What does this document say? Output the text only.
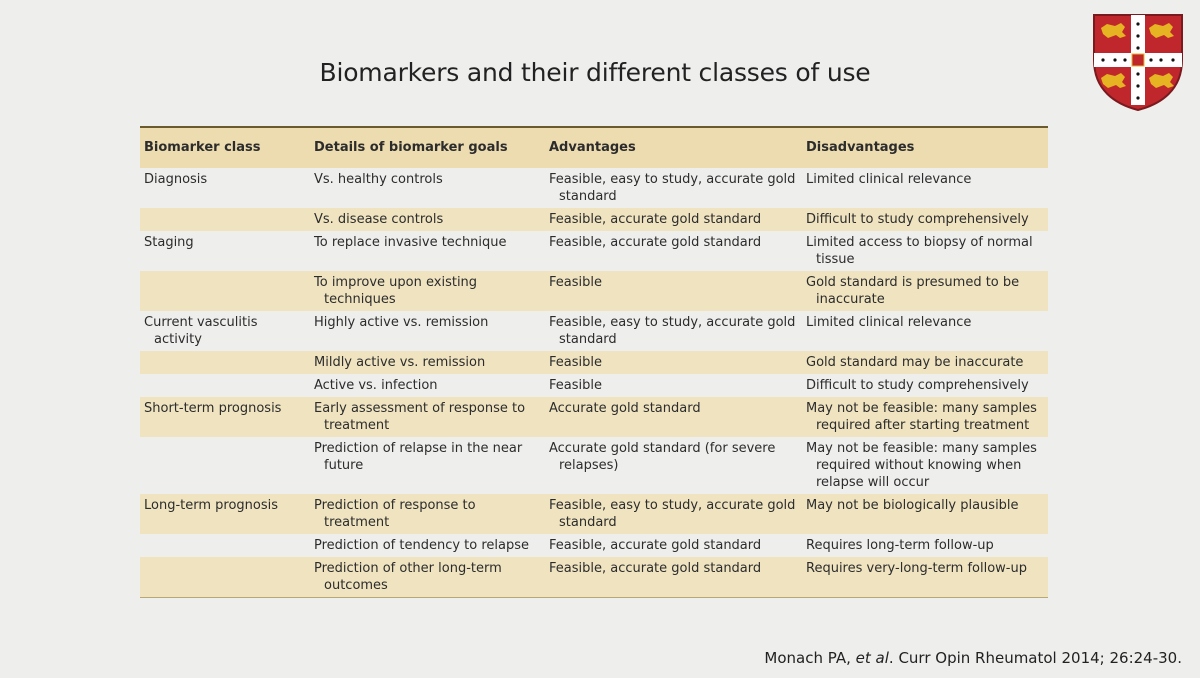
Biomarkers and their different classes of use
Biomarker class	Details of biomarker goals	Advantages	Disadvantages

Diagnosis	Vs. healthy controls	Feasible, easy to study, accurate gold standard	Limited clinical relevance

	Vs. disease controls	Feasible, accurate gold standard	Difficult to study comprehensively

Staging	To replace invasive technique	Feasible, accurate gold standard	Limited access to biopsy of normal tissue

	To improve upon existing techniques	Feasible	Gold standard is presumed to be inaccurate

Current vasculitis activity	Highly active vs. remission	Feasible, easy to study, accurate gold standard	Limited clinical relevance

	Mildly active vs. remission	Feasible	Gold standard may be inaccurate

	Active vs. infection	Feasible	Difficult to study comprehensively

Short-term prognosis	Early assessment of response to treatment	Accurate gold standard	May not be feasible: many samples required after starting treatment

	Prediction of relapse in the near future	Accurate gold standard (for severe relapses)	May not be feasible: many samples required without knowing when relapse will occur

Long-term prognosis	Prediction of response to treatment	Feasible, easy to study, accurate gold standard	May not be biologically plausible

	Prediction of tendency to relapse	Feasible, accurate gold standard	Requires long-term follow-up

	Prediction of other long-term outcomes	Feasible, accurate gold standard	Requires very-long-term follow-up
Monach PA, et al. Curr Opin Rheumatol 2014; 26:24-30.
